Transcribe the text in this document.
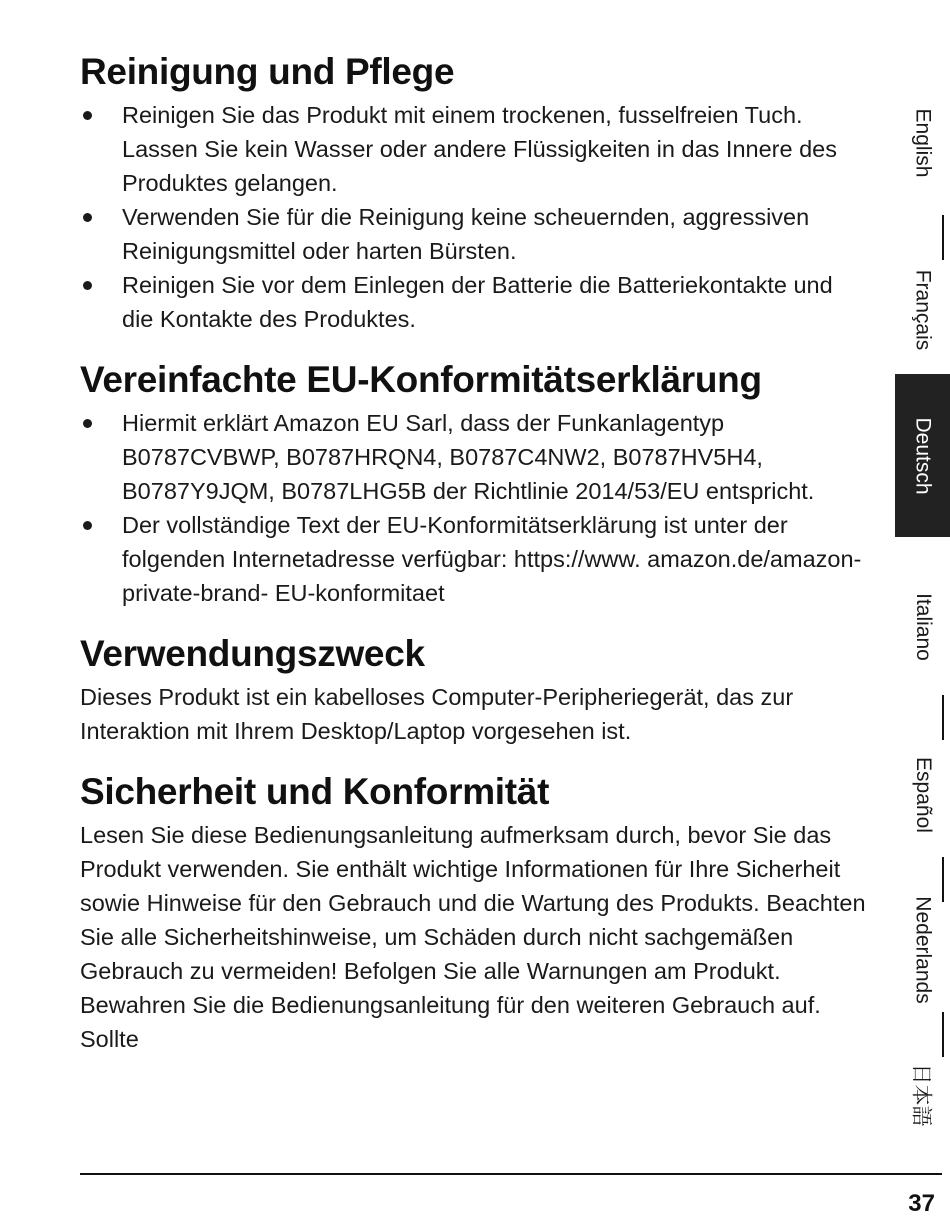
Reinigung und Pflege
Reinigen Sie das Produkt mit einem trockenen, fusselfreien Tuch. Lassen Sie kein Wasser oder andere Flüssigkeiten in das Innere des Produktes gelangen.
Verwenden Sie für die Reinigung keine scheuernden, aggressiven Reinigungsmittel oder harten Bürsten.
Reinigen Sie vor dem Einlegen der Batterie die Batteriekontakte und die Kontakte des Produktes.
Vereinfachte EU-Konformitätserklärung
Hiermit erklärt Amazon EU Sarl, dass der Funkanlagentyp B0787CVBWP, B0787HRQN4, B0787C4NW2, B0787HV5H4, B0787Y9JQM, B0787LHG5B der Richtlinie 2014/53/EU entspricht.
Der vollständige Text der EU-Konformitätserklärung ist unter der folgenden Internetadresse verfügbar: https://www. amazon.de/amazon-private-brand- EU-konformitaet
Verwendungszweck

Dieses Produkt ist ein kabelloses Computer-Peripheriegerät, das zur Interaktion mit Ihrem Desktop/Laptop vorgesehen ist.

Sicherheit und Konformität

Lesen Sie diese Bedienungsanleitung aufmerksam durch, bevor Sie das Produkt verwenden. Sie enthält wichtige Informationen für Ihre Sicherheit sowie Hinweise für den Gebrauch und die Wartung des Produkts. Beachten Sie alle Sicherheitshinweise, um Schäden durch nicht sachgemäßen Gebrauch zu vermeiden! Befolgen Sie alle Warnungen am Produkt. Bewahren Sie die Bedienungsanleitung für den weiteren Gebrauch auf. Sollte

English
Français
Deutsch
Italiano
Español
Nederlands
日本語
37
